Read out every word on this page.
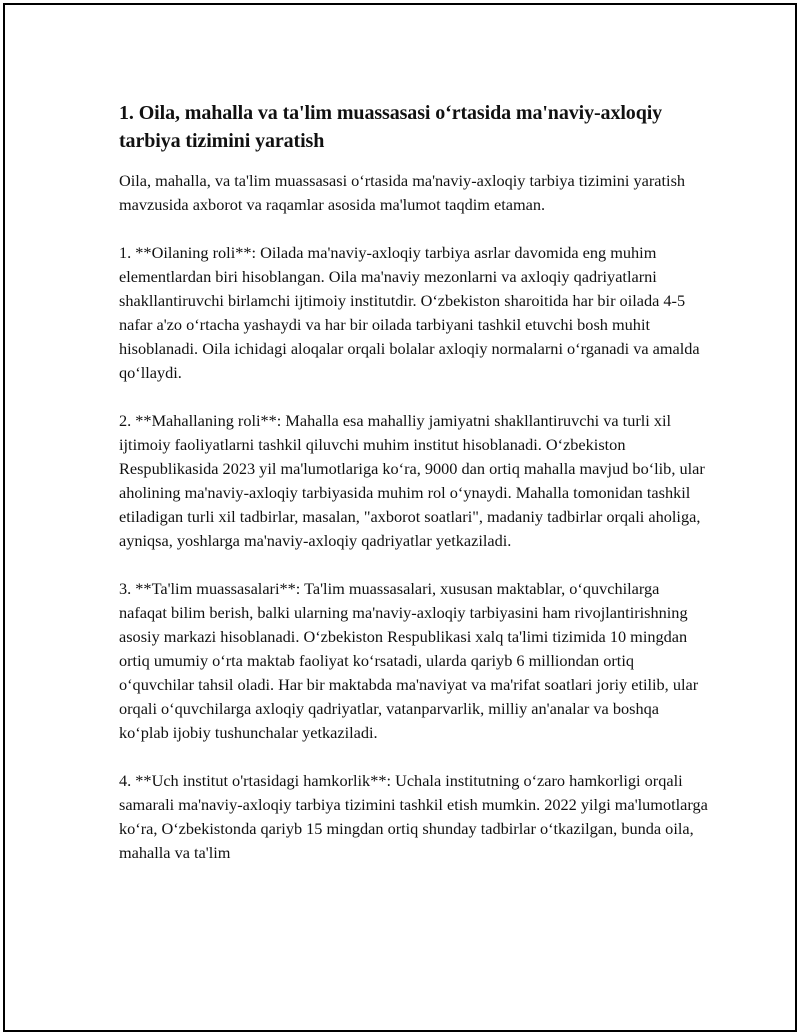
1. Oila, mahalla va ta'lim muassasasi o‘rtasida ma'naviy-axloqiy tarbiya tizimini yaratish

Oila, mahalla, va ta'lim muassasasi o‘rtasida ma'naviy-axloqiy tarbiya tizimini yaratish mavzusida axborot va raqamlar asosida ma'lumot taqdim etaman.

1. **Oilaning roli**: Oilada ma'naviy-axloqiy tarbiya asrlar davomida eng muhim elementlardan biri hisoblangan. Oila ma'naviy mezonlarni va axloqiy qadriyatlarni shakllantiruvchi birlamchi ijtimoiy institutdir. O‘zbekiston sharoitida har bir oilada 4-5 nafar a'zo o‘rtacha yashaydi va har bir oilada tarbiyani tashkil etuvchi bosh muhit hisoblanadi. Oila ichidagi aloqalar orqali bolalar axloqiy normalarni o‘rganadi va amalda qo‘llaydi.

2. **Mahallaning roli**: Mahalla esa mahalliy jamiyatni shakllantiruvchi va turli xil ijtimoiy faoliyatlarni tashkil qiluvchi muhim institut hisoblanadi. O‘zbekiston Respublikasida 2023 yil ma'lumotlariga ko‘ra, 9000 dan ortiq mahalla mavjud bo‘lib, ular aholining ma'naviy-axloqiy tarbiyasida muhim rol o‘ynaydi. Mahalla tomonidan tashkil etiladigan turli xil tadbirlar, masalan, "axborot soatlari", madaniy tadbirlar orqali aholiga, ayniqsa, yoshlarga ma'naviy-axloqiy qadriyatlar yetkaziladi.

3. **Ta'lim muassasalari**: Ta'lim muassasalari, xususan maktablar, o‘quvchilarga nafaqat bilim berish, balki ularning ma'naviy-axloqiy tarbiyasini ham rivojlantirishning asosiy markazi hisoblanadi. O‘zbekiston Respublikasi xalq ta'limi tizimida 10 mingdan ortiq umumiy o‘rta maktab faoliyat ko‘rsatadi, ularda qariyb 6 milliondan ortiq o‘quvchilar tahsil oladi. Har bir maktabda ma'naviyat va ma'rifat soatlari joriy etilib, ular orqali o‘quvchilarga axloqiy qadriyatlar, vatanparvarlik, milliy an'analar va boshqa ko‘plab ijobiy tushunchalar yetkaziladi.

4. **Uch institut o'rtasidagi hamkorlik**: Uchala institutning o‘zaro hamkorligi orqali samarali ma'naviy-axloqiy tarbiya tizimini tashkil etish mumkin. 2022 yilgi ma'lumotlarga ko‘ra, O‘zbekistonda qariyb 15 mingdan ortiq shunday tadbirlar o‘tkazilgan, bunda oila, mahalla va ta'lim
